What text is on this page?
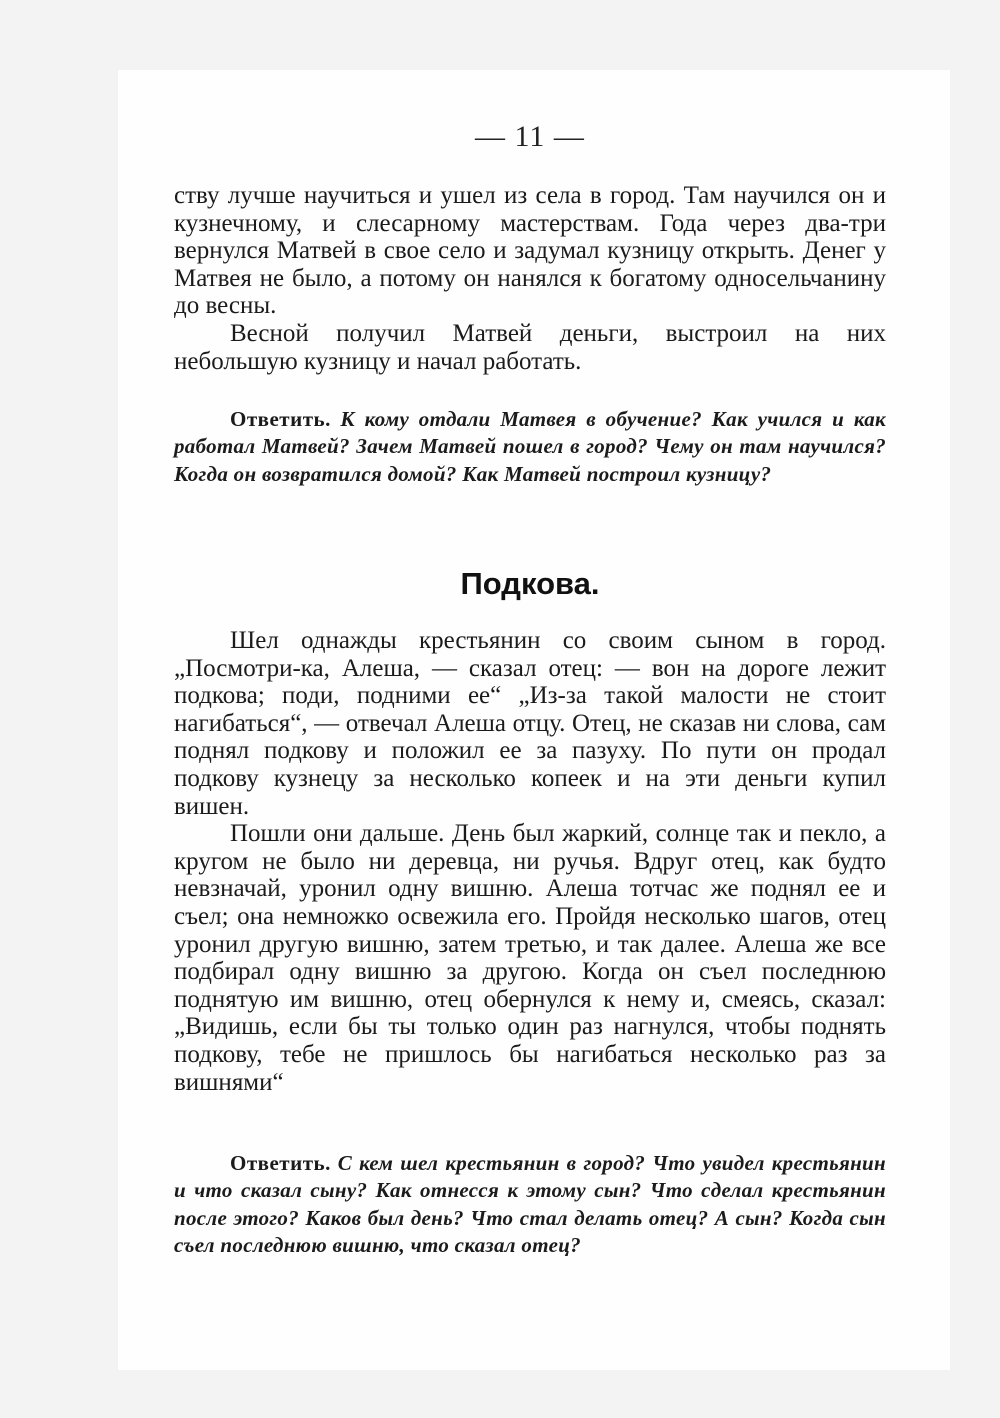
— 11 —

ству лучше научиться и ушел из села в город. Там научился он и кузнечному, и слесарному мастерствам. Года через два-три вернулся Матвей в свое село и задумал кузницу открыть. Денег у Матвея не было, а потому он нанялся к богатому односельчанину до весны.

Весной получил Матвей деньги, выстроил на них небольшую кузницу и начал работать.

Ответить. К кому отдали Матвея в обучение? Как учился и как работал Матвей? Зачем Матвей пошел в город? Чему он там научился? Когда он возвратился домой? Как Матвей построил кузницу?

Подкова.

Шел однажды крестьянин со своим сыном в город. „Посмотри-ка, Алеша, — сказал отец: — вон на дороге лежит подкова; поди, подними ее“ „Из-за такой малости не стоит нагибаться“, — отвечал Алеша отцу. Отец, не сказав ни слова, сам поднял подкову и положил ее за пазуху. По пути он продал подкову кузнецу за несколько копеек и на эти деньги купил вишен.

Пошли они дальше. День был жаркий, солнце так и пекло, а кругом не было ни деревца, ни ручья. Вдруг отец, как будто невзначай, уронил одну вишню. Алеша тотчас же поднял ее и съел; она немножко освежила его. Пройдя несколько шагов, отец уронил другую вишню, затем третью, и так далее. Алеша же все подбирал одну вишню за другою. Когда он съел последнюю поднятую им вишню, отец обернулся к нему и, смеясь, сказал: „Видишь, если бы ты только один раз нагнулся, чтобы поднять подкову, тебе не пришлось бы нагибаться несколько раз за вишнями“

Ответить. С кем шел крестьянин в город? Что увидел крестьянин и что сказал сыну? Как отнесся к этому сын? Что сделал крестьянин после этого? Каков был день? Что стал делать отец? А сын? Когда сын съел последнюю вишню, что сказал отец?
